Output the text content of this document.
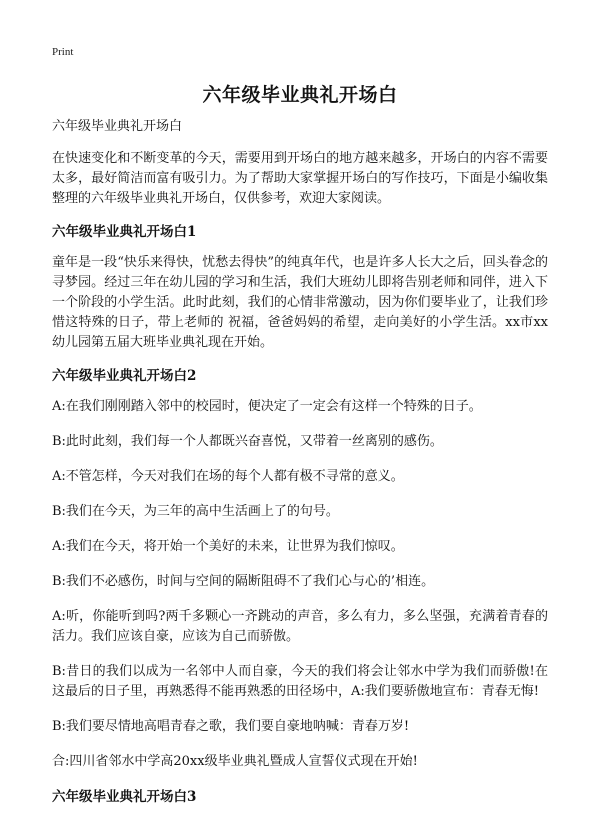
Print
六年级毕业典礼开场白

六年级毕业典礼开场白

在快速变化和不断变革的今天，需要用到开场白的地方越来越多，开场白的内容不需要太多，最好简洁而富有吸引力。为了帮助大家掌握开场白的写作技巧，下面是小编收集整理的六年级毕业典礼开场白，仅供参考，欢迎大家阅读。

六年级毕业典礼开场白1

童年是一段“快乐来得快，忧愁去得快”的纯真年代，也是许多人长大之后，回头眷念的寻梦园。经过三年在幼儿园的学习和生活，我们大班幼儿即将告别老师和同伴，进入下一个阶段的小学生活。此时此刻，我们的心情非常激动，因为你们要毕业了，让我们珍惜这特殊的日子，带上老师的 祝福，爸爸妈妈的希望，走向美好的小学生活。xx市xx幼儿园第五届大班毕业典礼现在开始。

六年级毕业典礼开场白2

A:在我们刚刚踏入邻中的校园时，便决定了一定会有这样一个特殊的日子。

B:此时此刻，我们每一个人都既兴奋喜悦，又带着一丝离别的感伤。

A:不管怎样，今天对我们在场的每个人都有极不寻常的意义。

B:我们在今天，为三年的高中生活画上了的句号。

A:我们在今天，将开始一个美好的未来，让世界为我们惊叹。

B:我们不必感伤，时间与空间的隔断阻碍不了我们心与心的’相连。

A:听，你能听到吗?两千多颗心一齐跳动的声音，多么有力，多么坚强，充满着青春的活力。我们应该自豪，应该为自己而骄傲。

B:昔日的我们以成为一名邻中人而自豪，今天的我们将会让邻水中学为我们而骄傲!在这最后的日子里，再熟悉得不能再熟悉的田径场中，A:我们要骄傲地宣布：青春无悔!

B:我们要尽情地高唱青春之歌，我们要自豪地呐喊：青春万岁!

合:四川省邻水中学高20xx级毕业典礼暨成人宣誓仪式现在开始!

六年级毕业典礼开场白3
